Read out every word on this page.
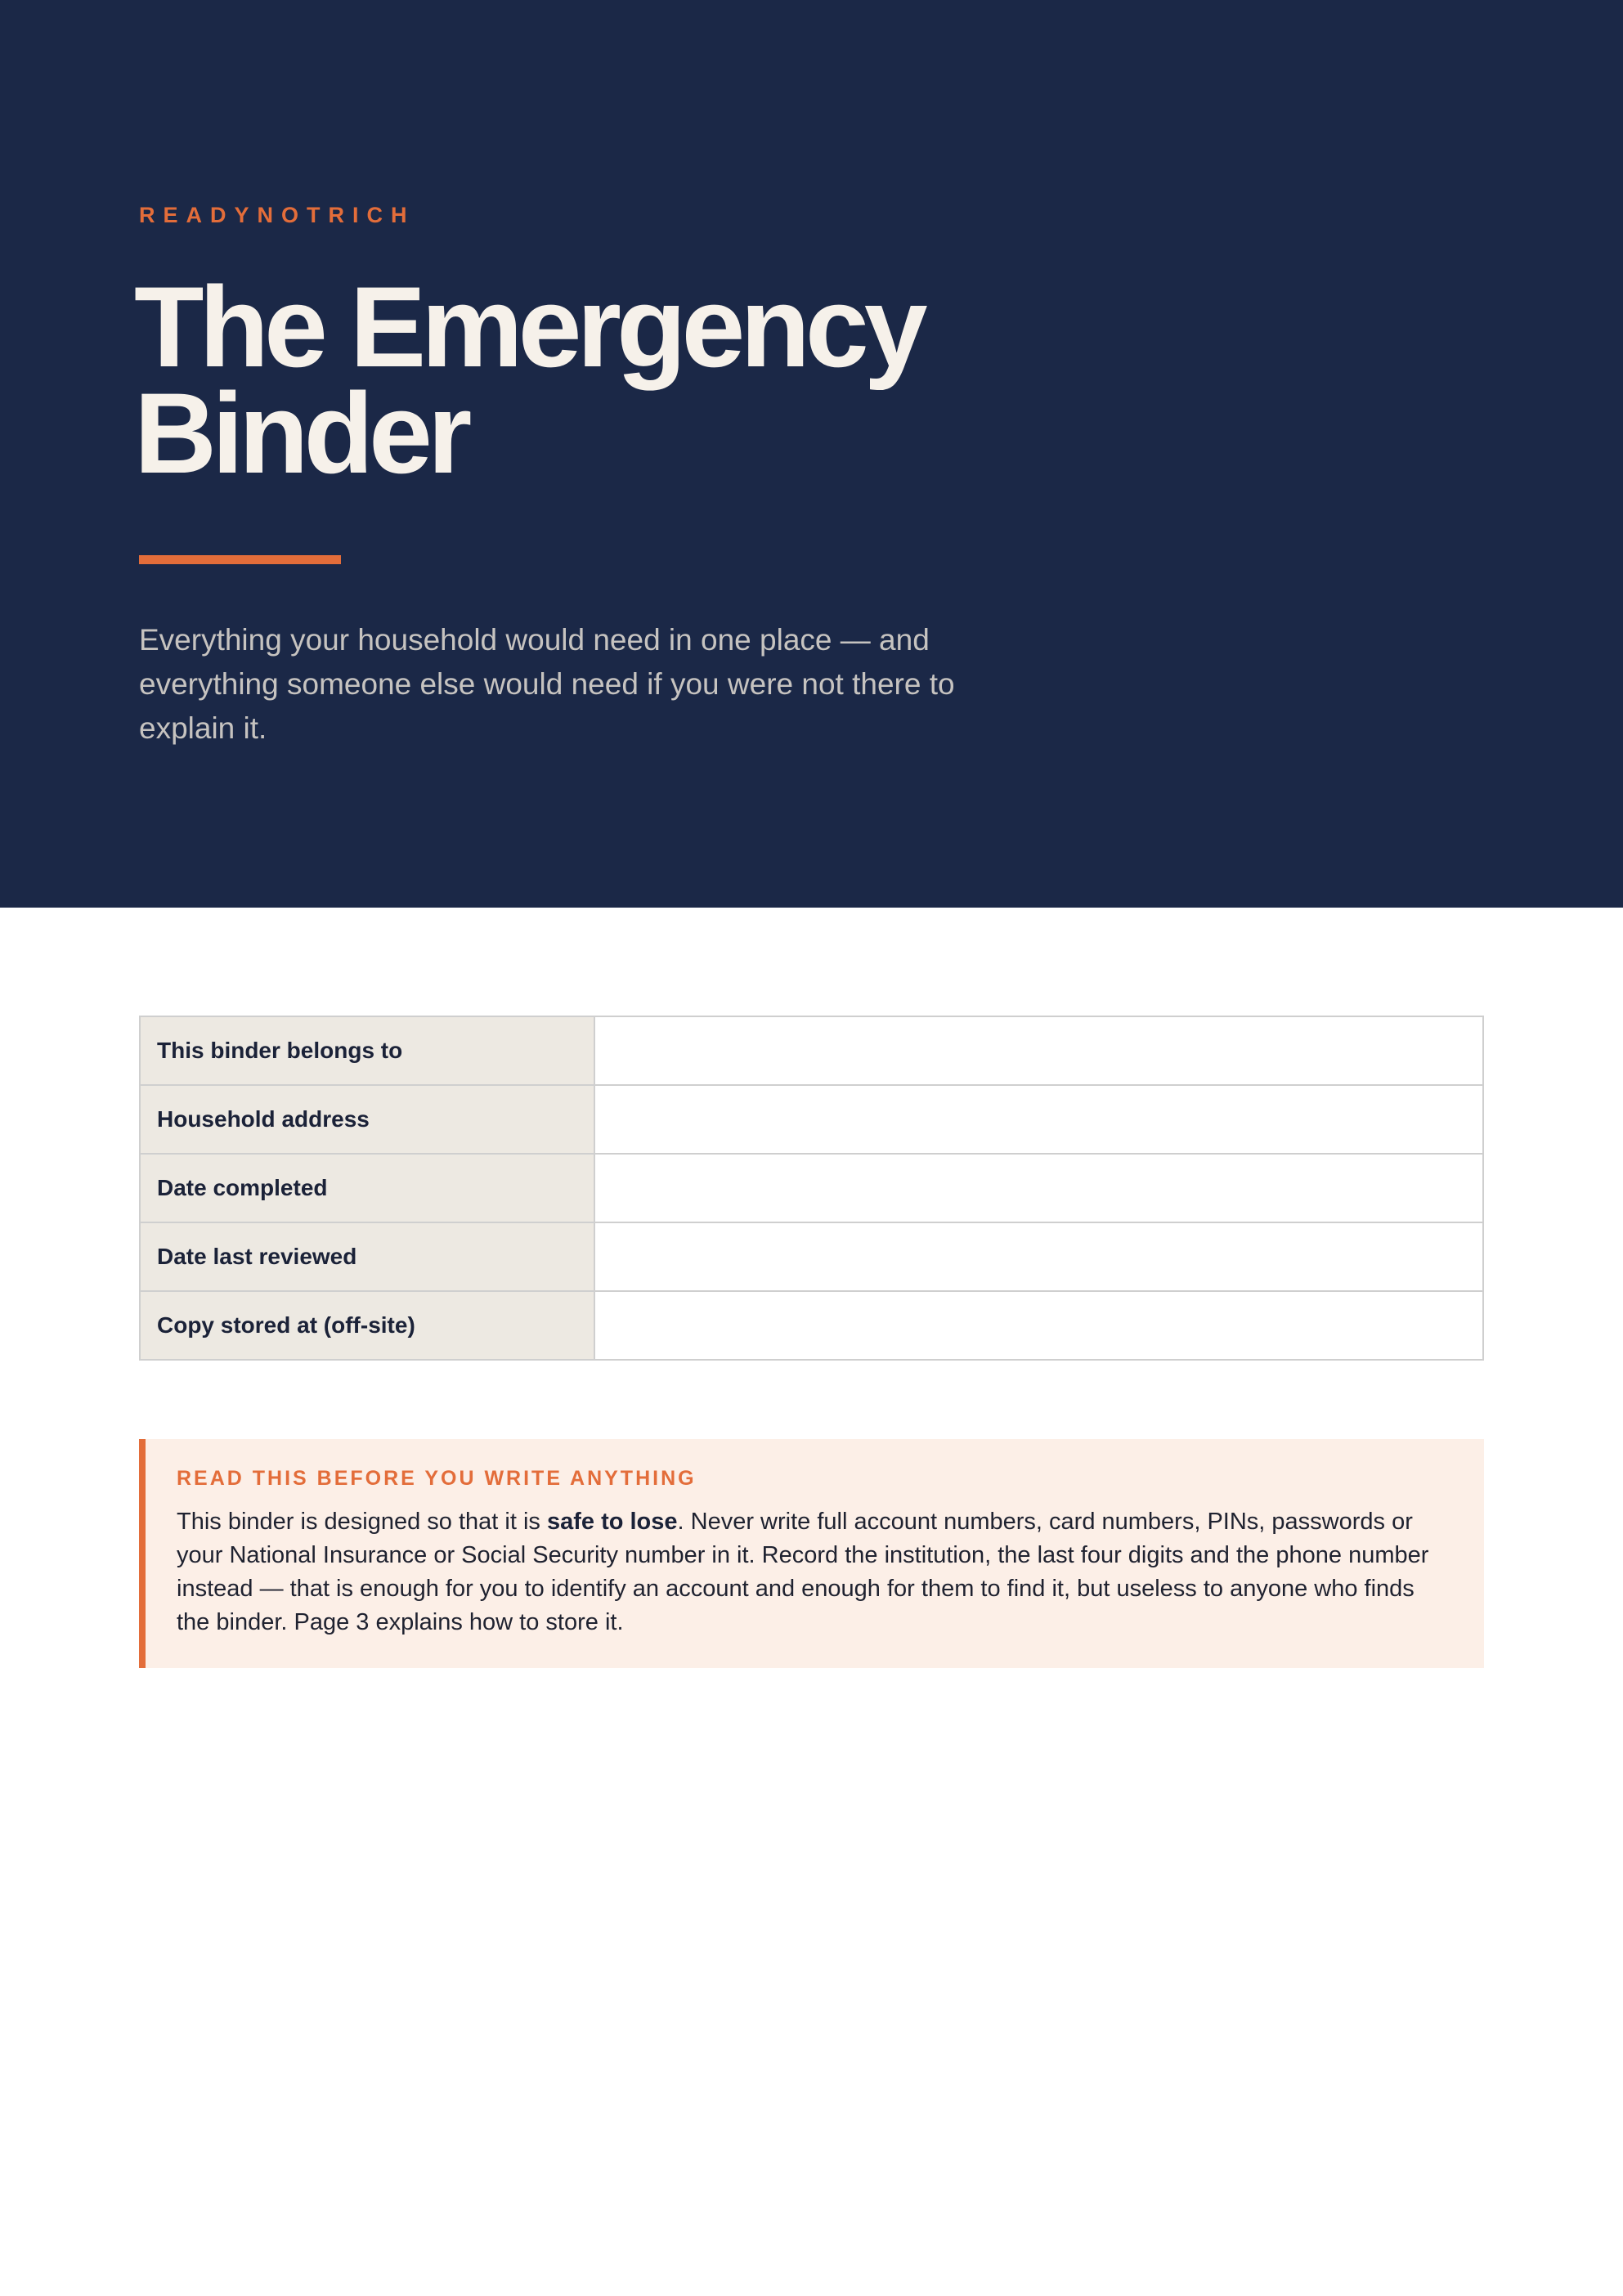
READYNOTRICH
The Emergency
Binder

Everything your household would need in one place — and everything someone else would need if you were not there to explain it.

This binder belongs to	
Household address	
Date completed	
Date last reviewed	
Copy stored at (off-site)	
READ THIS BEFORE YOU WRITE ANYTHING

This binder is designed so that it is safe to lose. Never write full account numbers, card numbers, PINs, passwords or your National Insurance or Social Security number in it. Record the institution, the last four digits and the phone number instead — that is enough for you to identify an account and enough for them to find it, but useless to anyone who finds the binder. Page 3 explains how to store it.
